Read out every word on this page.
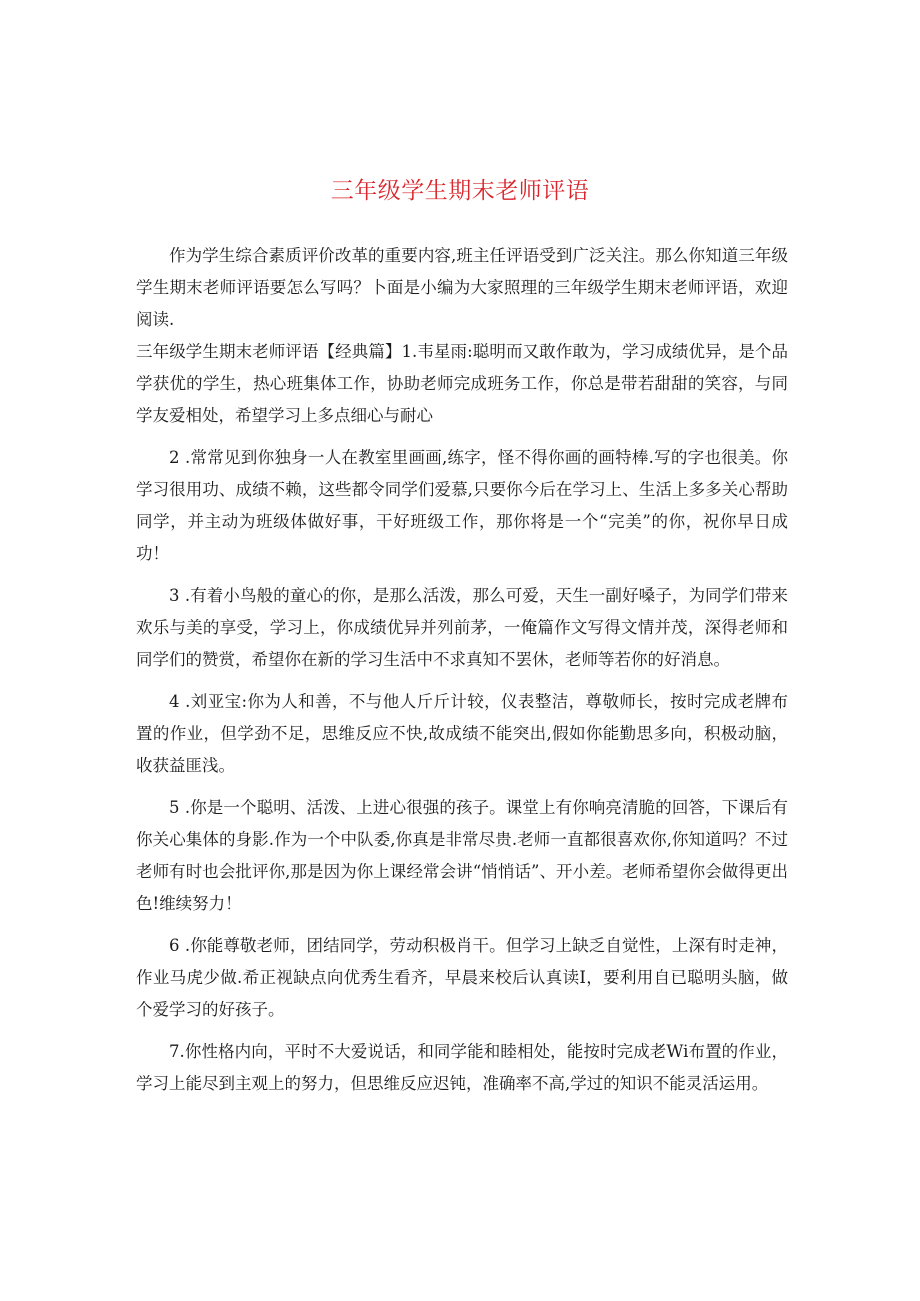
三年级学生期末老师评语

作为学生综合素质评价改革的重要内容,班主任评语受到广泛关注。那么你知道三年级学生期末老师评语要怎么写吗？卜面是小编为大家照理的三年级学生期末老师评语，欢迎阅读.

三年级学生期末老师评语【经典篇】1.韦星雨:聪明而又敢作敢为，学习成绩优异，是个品学获优的学生，热心班集体工作，协助老师完成班务工作，你总是带若甜甜的笑容，与同学友爱相处，希望学习上多点细心与耐心

2 .常常见到你独身一人在教室里画画,练字，怪不得你画的画特棒.写的字也很美。你学习很用功、成绩不赖，这些都令同学们爱慕,只要你今后在学习上、生活上多多关心帮助同学，并主动为班级体做好事，干好班级工作，那你将是一个“完美”的你，祝你早日成功！

3 .有着小鸟般的童心的你，是那么活泼，那么可爱，天生一副好嗓子，为同学们带来欢乐与美的享受，学习上，你成绩优异并列前茅，一俺篇作文写得文情并茂，深得老师和同学们的赞赏，希望你在新的学习生活中不求真知不罢休，老师等若你的好消息。

4 .刘亚宝:你为人和善，不与他人斤斤计较，仪表整洁，尊敬师长，按时完成老牌布置的作业，但学劲不足，思维反应不快,故成绩不能突出,假如你能勤思多向，积极动脑，收获益匪浅。

5 .你是一个聪明、活泼、上进心很强的孩子。课堂上有你响亮清脆的回答，下课后有你关心集体的身影.作为一个中队委,你真是非常尽贵.老师一直都很喜欢你,你知道吗？不过老师有时也会批评你,那是因为你上课经常会讲“悄悄话”、开小差。老师希望你会做得更出色!维续努力！

6 .你能尊敬老师，团结同学，劳动积极肖干。但学习上缺乏自觉性，上深有时走神，作业马虎少做.希正视缺点向优秀生看齐，早晨来校后认真读I，要利用自已聪明头脑，做个爱学习的好孩子。

7.你性格内向，平时不大爱说话，和同学能和睦相处，能按时完成老Wi布置的作业，学习上能尽到主观上的努力，但思维反应迟钝，准确率不高,学过的知识不能灵活运用。
